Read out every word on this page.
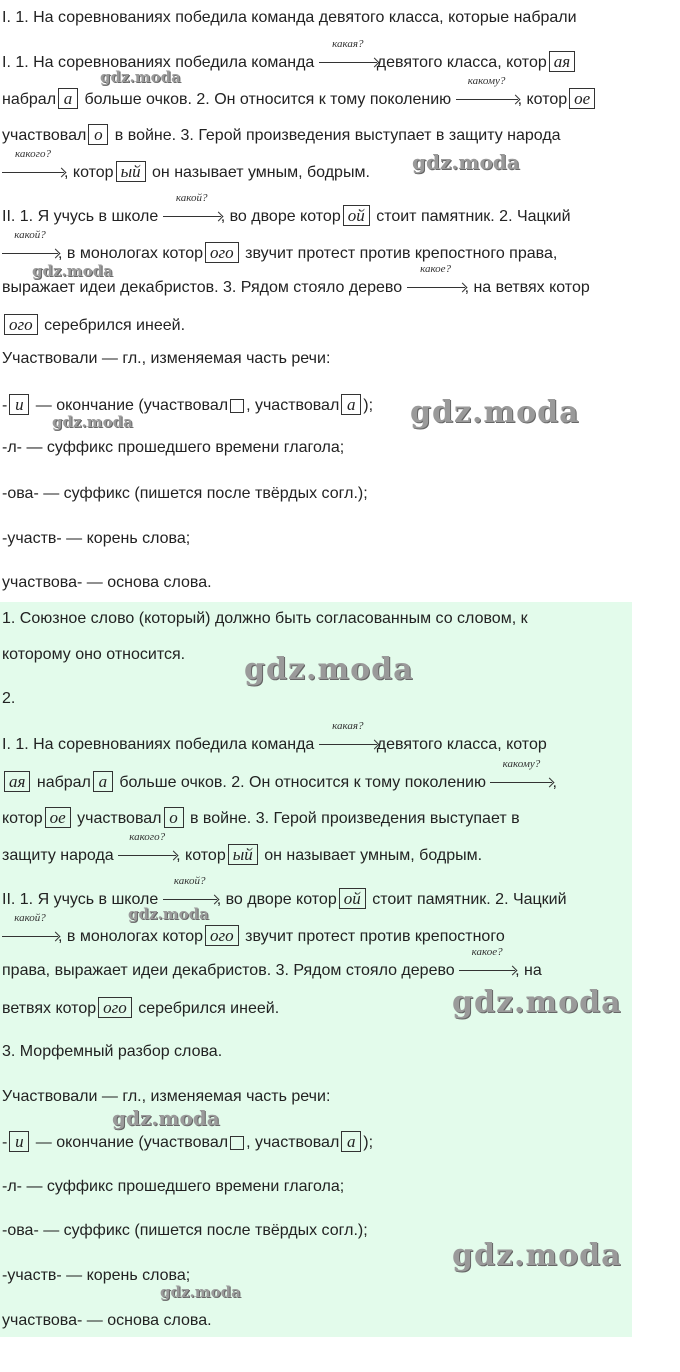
I. 1. На соревнованиях победила команда девятого класса, которые набрали
I. 1. На соревнованиях победила команда
какая?
девятого класса, котор ая
набрал а больше очков. 2. Он относится к тому поколению
какому?
, котор ое
участвовал о в войне. 3. Герой произведения выступает в защиту народа
какого?
, котор ый он называет умным, бодрым.
II. 1. Я учусь в школе
какой?
, во дворе котор ой стоит памятник. 2. Чацкий
какой?
, в монологах котор ого звучит протест против крепостного права,
выражает идеи декабристов. 3. Рядом стояло дерево
какое?
, на ветвях котор
ого серебрился инеей.
Участвовали — гл., изменяемая часть речи:
- и — окончание (участвовал , участвовал а );
-л- — суффикс прошедшего времени глагола;
-ова- — суффикс (пишется после твёрдых согл.);
-участв- — корень слова;
участвова- — основа слова.
1. Союзное слово (который) должно быть согласованным со словом, к
которому оно относится.
2.
I. 1. На соревнованиях победила команда
какая?
девятого класса, котор
ая набрал а больше очков. 2. Он относится к тому поколению
какому?
,
котор ое участвовал о в войне. 3. Герой произведения выступает в
защиту народа
какого?
, котор ый он называет умным, бодрым.
II. 1. Я учусь в школе
какой?
, во дворе котор ой стоит памятник. 2. Чацкий
какой?
, в монологах котор ого звучит протест против крепостного
права, выражает идеи декабристов. 3. Рядом стояло дерево
какое?
, на
ветвях котор ого серебрился инеей.
3. Морфемный разбор слова.
Участвовали — гл., изменяемая часть речи:
- и — окончание (участвовал , участвовал а );
-л- — суффикс прошедшего времени глагола;
-ова- — суффикс (пишется после твёрдых согл.);
-участв- — корень слова;
участвова- — основа слова.
gdz.moda
gdz.moda
gdz.moda
gdz.moda
gdz.moda
gdz.moda
gdz.moda
gdz.moda
gdz.moda
gdz.moda
gdz.moda
